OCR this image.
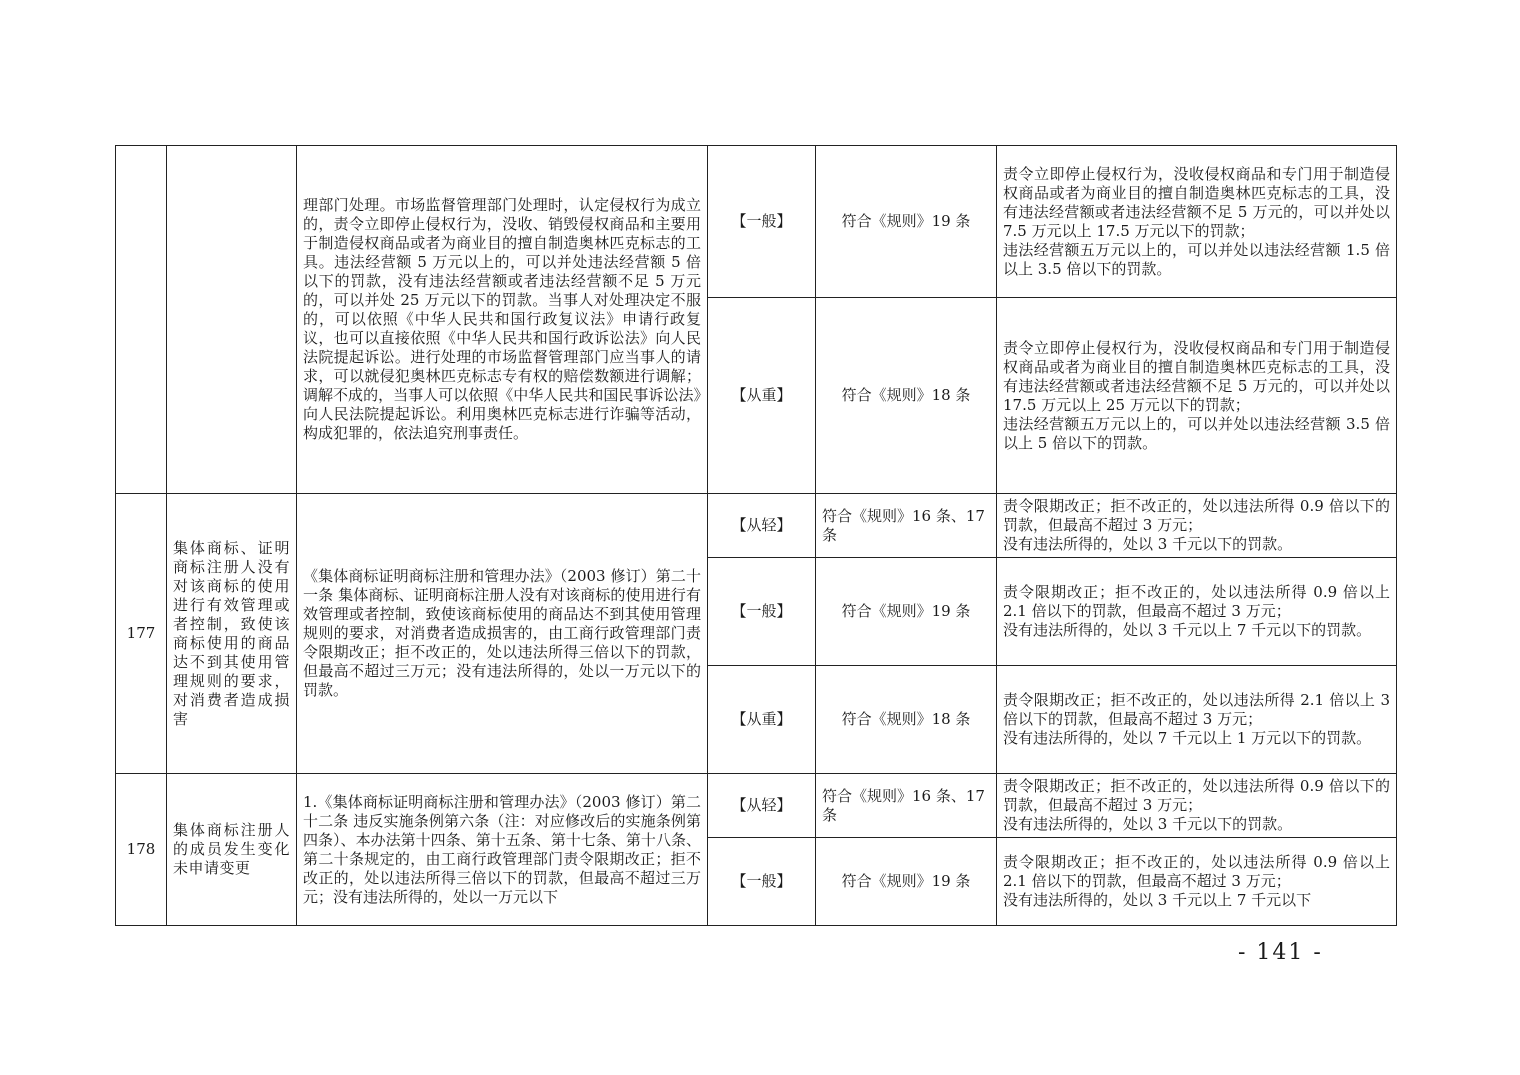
		理部门处理。市场监督管理部门处理时，认定侵权行为成立的，责令立即停止侵权行为，没收、销毁侵权商品和主要用于制造侵权商品或者为商业目的擅自制造奥林匹克标志的工具。违法经营额 5 万元以上的，可以并处违法经营额 5 倍以下的罚款，没有违法经营额或者违法经营额不足 5 万元的，可以并处 25 万元以下的罚款。当事人对处理决定不服的，可以依照《中华人民共和国行政复议法》申请行政复议，也可以直接依照《中华人民共和国行政诉讼法》向人民法院提起诉讼。进行处理的市场监督管理部门应当事人的请求，可以就侵犯奥林匹克标志专有权的赔偿数额进行调解；调解不成的，当事人可以依照《中华人民共和国民事诉讼法》向人民法院提起诉讼。利用奥林匹克标志进行诈骗等活动，构成犯罪的，依法追究刑事责任。	【一般】	符合《规则》19 条	责令立即停止侵权行为，没收侵权商品和专门用于制造侵权商品或者为商业目的擅自制造奥林匹克标志的工具，没有违法经营额或者违法经营额不足 5 万元的，可以并处以 7.5 万元以上 17.5 万元以下的罚款；
违法经营额五万元以上的，可以并处以违法经营额 1.5 倍以上 3.5 倍以下的罚款。

			【从重】	符合《规则》18 条	责令立即停止侵权行为，没收侵权商品和专门用于制造侵权商品或者为商业目的擅自制造奥林匹克标志的工具，没有违法经营额或者违法经营额不足 5 万元的，可以并处以 17.5 万元以上 25 万元以下的罚款；
违法经营额五万元以上的，可以并处以违法经营额 3.5 倍以上 5 倍以下的罚款。

177	集体商标、证明商标注册人没有对该商标的使用进行有效管理或者控制，致使该商标使用的商品达不到其使用管理规则的要求，对消费者造成损害	《集体商标证明商标注册和管理办法》（2003 修订）第二十一条 集体商标、证明商标注册人没有对该商标的使用进行有效管理或者控制，致使该商标使用的商品达不到其使用管理规则的要求，对消费者造成损害的，由工商行政管理部门责令限期改正；拒不改正的，处以违法所得三倍以下的罚款，但最高不超过三万元；没有违法所得的，处以一万元以下的罚款。	【从轻】	符合《规则》16 条、17 条	责令限期改正；拒不改正的，处以违法所得 0.9 倍以下的罚款，但最高不超过 3 万元；
没有违法所得的，处以 3 千元以下的罚款。

			【一般】	符合《规则》19 条	责令限期改正；拒不改正的，处以违法所得 0.9 倍以上 2.1 倍以下的罚款，但最高不超过 3 万元；
没有违法所得的，处以 3 千元以上 7 千元以下的罚款。

			【从重】	符合《规则》18 条	责令限期改正；拒不改正的，处以违法所得 2.1 倍以上 3 倍以下的罚款，但最高不超过 3 万元；
没有违法所得的，处以 7 千元以上 1 万元以下的罚款。

178	集体商标注册人的成员发生变化未申请变更	1.《集体商标证明商标注册和管理办法》（2003 修订）第二十二条 违反实施条例第六条（注：对应修改后的实施条例第四条）、本办法第十四条、第十五条、第十七条、第十八条、第二十条规定的，由工商行政管理部门责令限期改正；拒不改正的，处以违法所得三倍以下的罚款，但最高不超过三万元；没有违法所得的，处以一万元以下	【从轻】	符合《规则》16 条、17 条	责令限期改正；拒不改正的，处以违法所得 0.9 倍以下的罚款，但最高不超过 3 万元；
没有违法所得的，处以 3 千元以下的罚款。

			【一般】	符合《规则》19 条	责令限期改正；拒不改正的，处以违法所得 0.9 倍以上 2.1 倍以下的罚款，但最高不超过 3 万元；
没有违法所得的，处以 3 千元以上 7 千元以下
- 141 -
